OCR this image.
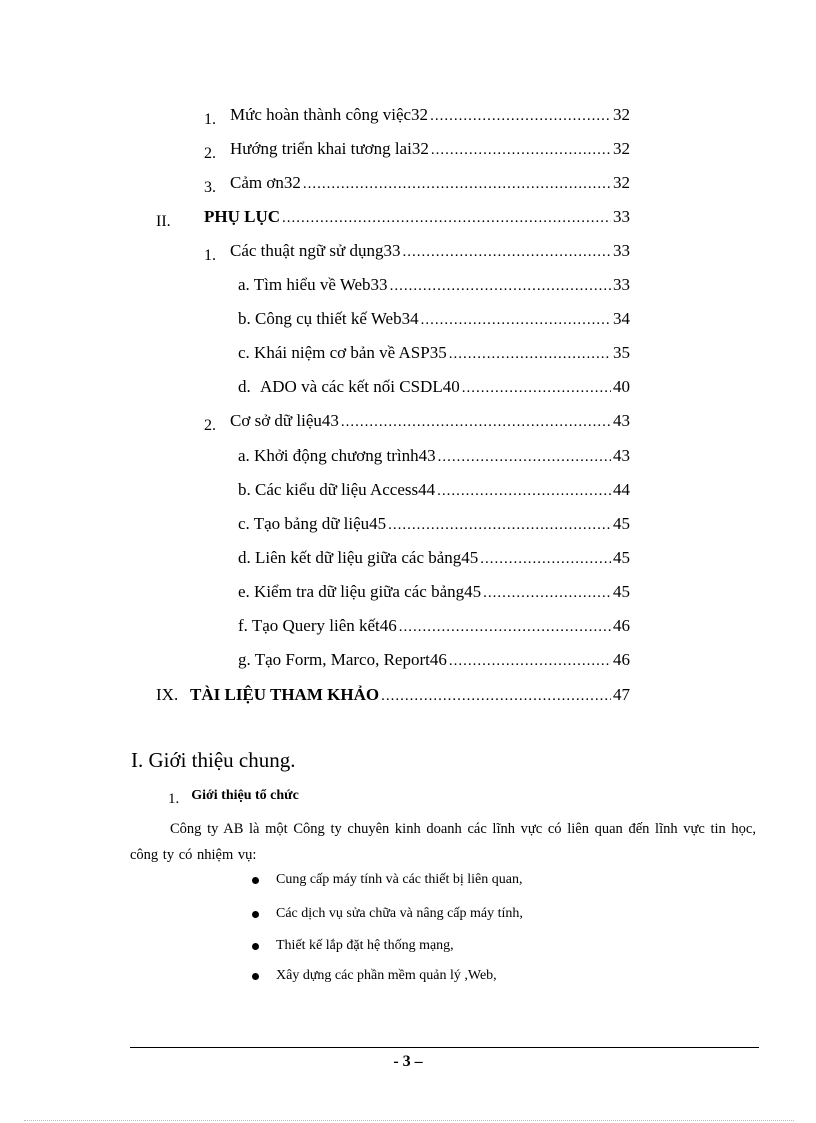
1. Mức hoàn thành công việc32 .....	32
2. Hướng triển khai tương lai32 .....	32
3. Cảm ơn32 .....	32
II.	PHỤ LỤC .....	33
1. Các thuật ngữ sử dụng33 .....	33
a. Tìm hiểu về Web33 .....	33
b. Công cụ thiết kế Web34 .....	34
c. Khái niệm cơ bản về ASP35 .....	35
d. ADO và các kết nối CSDL40 .....	40
2. Cơ sở dữ liệu43 .....	43
a. Khởi động chương trình43 .....	43
b. Các kiểu dữ liệu Access44 .....	44
c. Tạo bảng dữ liệu45 .....	45
d. Liên kết dữ liệu giữa các bảng45 .....	45
e. Kiểm tra dữ liệu giữa các bảng45 .....	45
f. Tạo Query liên kết46 .....	46
g. Tạo Form, Marco, Report46 .....	46
IX. TÀI LIỆU THAM KHẢO .....	47
I. Giới thiệu chung.
1. Giới thiệu tổ chức
Công ty AB là một Công ty chuyên kinh doanh các lĩnh vực có liên quan đến lĩnh vực tin học, công ty có nhiệm vụ:
Cung cấp máy tính và các thiết bị liên quan,
Các dịch vụ sửa chữa và nâng cấp máy tính,
Thiết kế lắp đặt hệ thống mạng,
Xây dựng các phần mềm quản lý ,Web,
- 3 –
